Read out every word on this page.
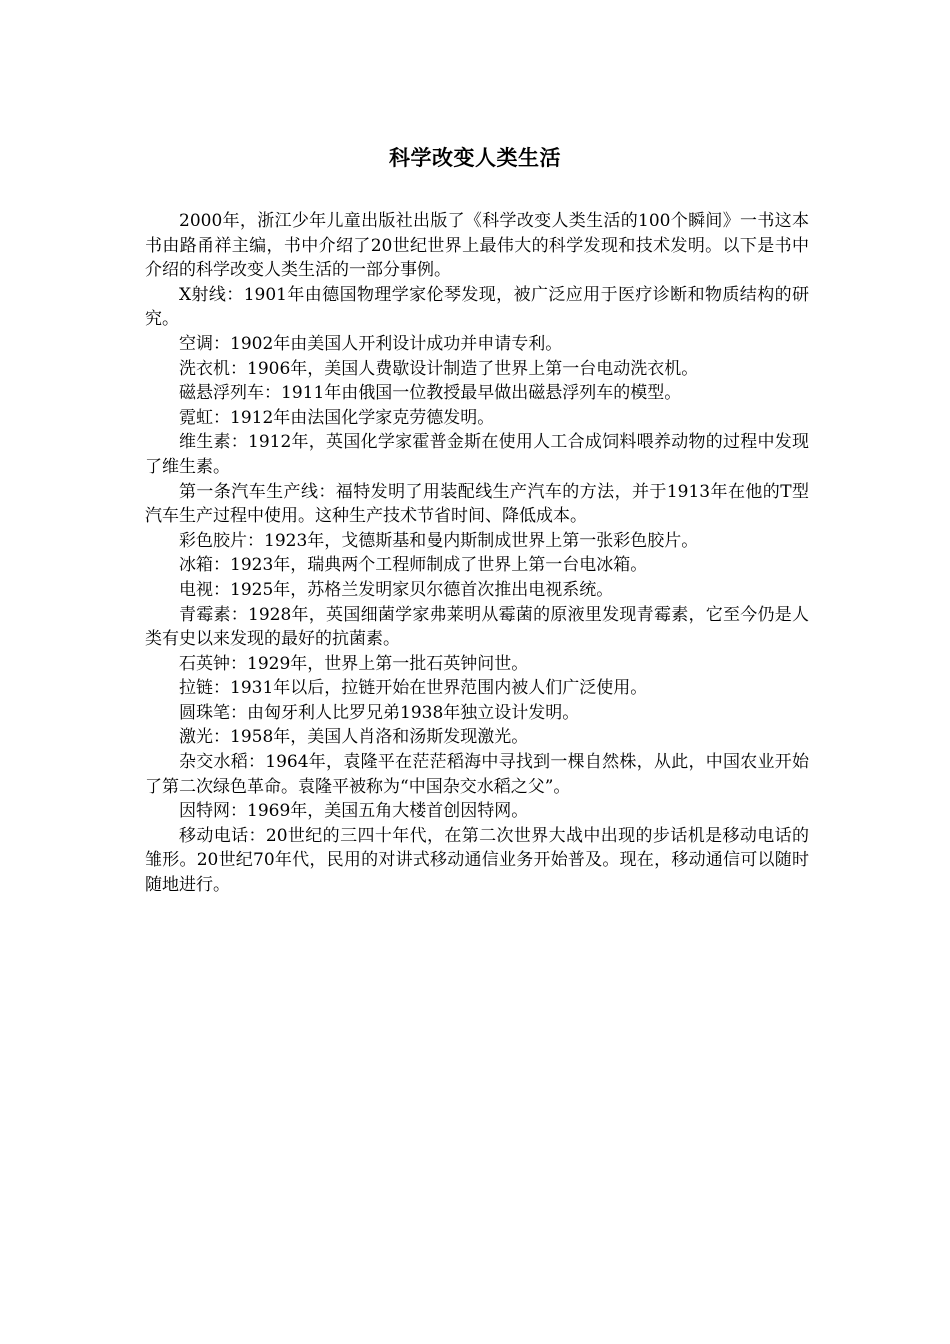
科学改变人类生活

2000年，浙江少年儿童出版社出版了《科学改变人类生活的100个瞬间》一书这本书由路甬祥主编，书中介绍了20世纪世界上最伟大的科学发现和技术发明。以下是书中介绍的科学改变人类生活的一部分事例。

X射线：1901年由德国物理学家伦琴发现，被广泛应用于医疗诊断和物质结构的研究。

空调：1902年由美国人开利设计成功并申请专利。

洗衣机：1906年，美国人费歇设计制造了世界上第一台电动洗衣机。

磁悬浮列车：1911年由俄国一位教授最早做出磁悬浮列车的模型。

霓虹：1912年由法国化学家克劳德发明。

维生素：1912年，英国化学家霍普金斯在使用人工合成饲料喂养动物的过程中发现了维生素。

第一条汽车生产线：福特发明了用装配线生产汽车的方法，并于1913年在他的T型汽车生产过程中使用。这种生产技术节省时间、降低成本。

彩色胶片：1923年，戈德斯基和曼内斯制成世界上第一张彩色胶片。

冰箱：1923年，瑞典两个工程师制成了世界上第一台电冰箱。

电视：1925年，苏格兰发明家贝尔德首次推出电视系统。

青霉素：1928年，英国细菌学家弗莱明从霉菌的原液里发现青霉素，它至今仍是人类有史以来发现的最好的抗菌素。

石英钟：1929年，世界上第一批石英钟问世。

拉链：1931年以后，拉链开始在世界范围内被人们广泛使用。

圆珠笔：由匈牙利人比罗兄弟1938年独立设计发明。

激光：1958年，美国人肖洛和汤斯发现激光。

杂交水稻：1964年，袁隆平在茫茫稻海中寻找到一棵自然株，从此，中国农业开始了第二次绿色革命。袁隆平被称为“中国杂交水稻之父”。

因特网：1969年，美国五角大楼首创因特网。

移动电话：20世纪的三四十年代，在第二次世界大战中出现的步话机是移动电话的雏形。20世纪70年代，民用的对讲式移动通信业务开始普及。现在，移动通信可以随时随地进行。
